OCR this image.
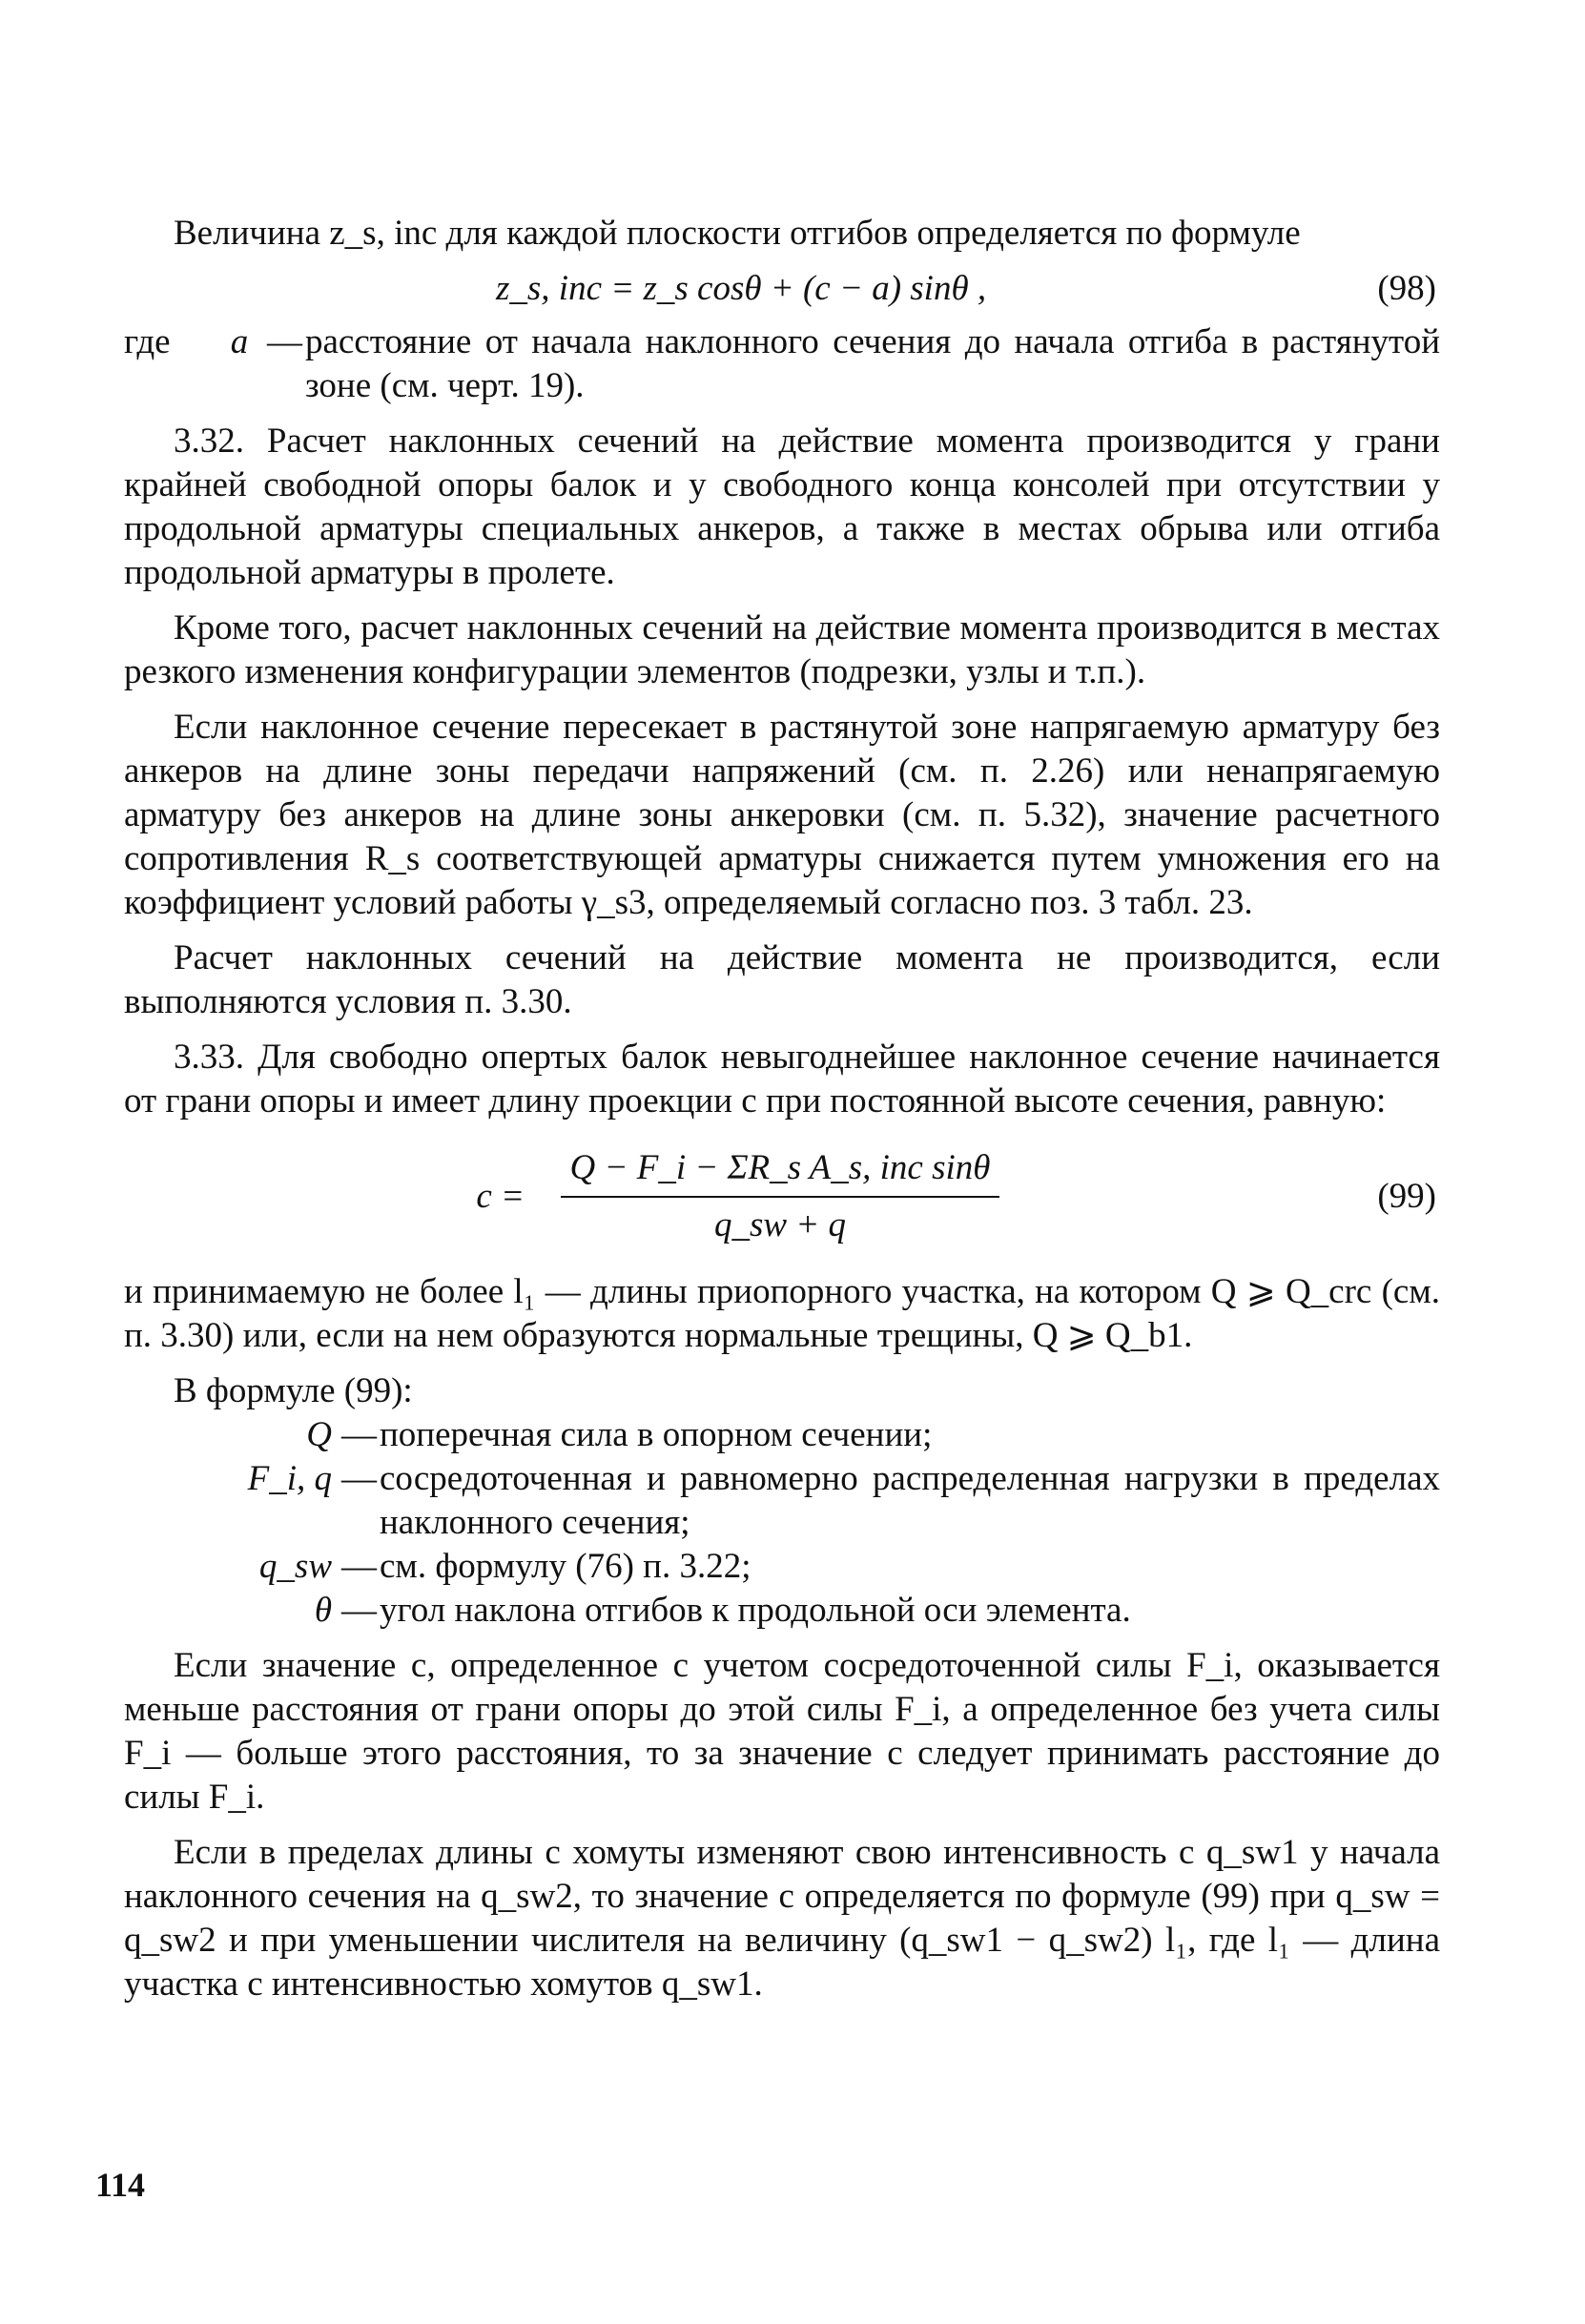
Величина z_s, inc для каждой плоскости отгибов определяется по формуле

z_s, inc = z_s cosθ + (c − a) sinθ ,	(98)
где	a — расстояние от начала наклонного сечения до начала отгиба в растянутой зоне (см. черт. 19).

3.32. Расчет наклонных сечений на действие момента производится у грани крайней свободной опоры балок и у свободного конца консолей при отсутствии у продольной арматуры специальных анкеров, а также в местах обрыва или отгиба продольной арматуры в пролете.

Кроме того, расчет наклонных сечений на действие момента производится в местах резкого изменения конфигурации элементов (подрезки, узлы и т.п.).

Если наклонное сечение пересекает в растянутой зоне напрягаемую арматуру без анкеров на длине зоны передачи напряжений (см. п. 2.26) или ненапрягаемую арматуру без анкеров на длине зоны анкеровки (см. п. 5.32), значение расчетного сопротивления R_s соответствующей арматуры снижается путем умножения его на коэффициент условий работы γ_s3, определяемый согласно поз. 3 табл. 23.

Расчет наклонных сечений на действие момента не производится, если выполняются условия п. 3.30.

3.33. Для свободно опертых балок невыгоднейшее наклонное сечение начинается от грани опоры и имеет длину проекции c при постоянной высоте сечения, равную:

$c = \frac{\text{Q − F\_i − ΣR\_s A\_s, inc sinθ}}{q\_sw + q}$	(99)

и принимаемую не более l₁ — длины приопорного участка, на котором Q ⩾ Q_crc (см. п. 3.30) или, если на нем образуются нормальные трещины, Q ⩾ Q_b1.

В формуле (99):

Q — поперечная сила в опорном сечении;
F_i, q — сосредоточенная и равномерно распределенная нагрузки в пределах наклонного сечения;
q_sw — см. формулу (76) п. 3.22;
θ — угол наклона отгибов к продольной оси элемента.

Если значение c, определенное с учетом сосредоточенной силы F_i, оказывается меньше расстояния от грани опоры до этой силы F_i, а определенное без учета силы F_i — больше этого расстояния, то за значение c следует принимать расстояние до силы F_i.

Если в пределах длины c хомуты изменяют свою интенсивность с q_sw1 у начала наклонного сечения на q_sw2, то значение c определяется по формуле (99) при q_sw = q_sw2 и при уменьшении числителя на величину (q_sw1 − q_sw2) l₁, где l₁ — длина участка с интенсивностью хомутов q_sw1.

114
